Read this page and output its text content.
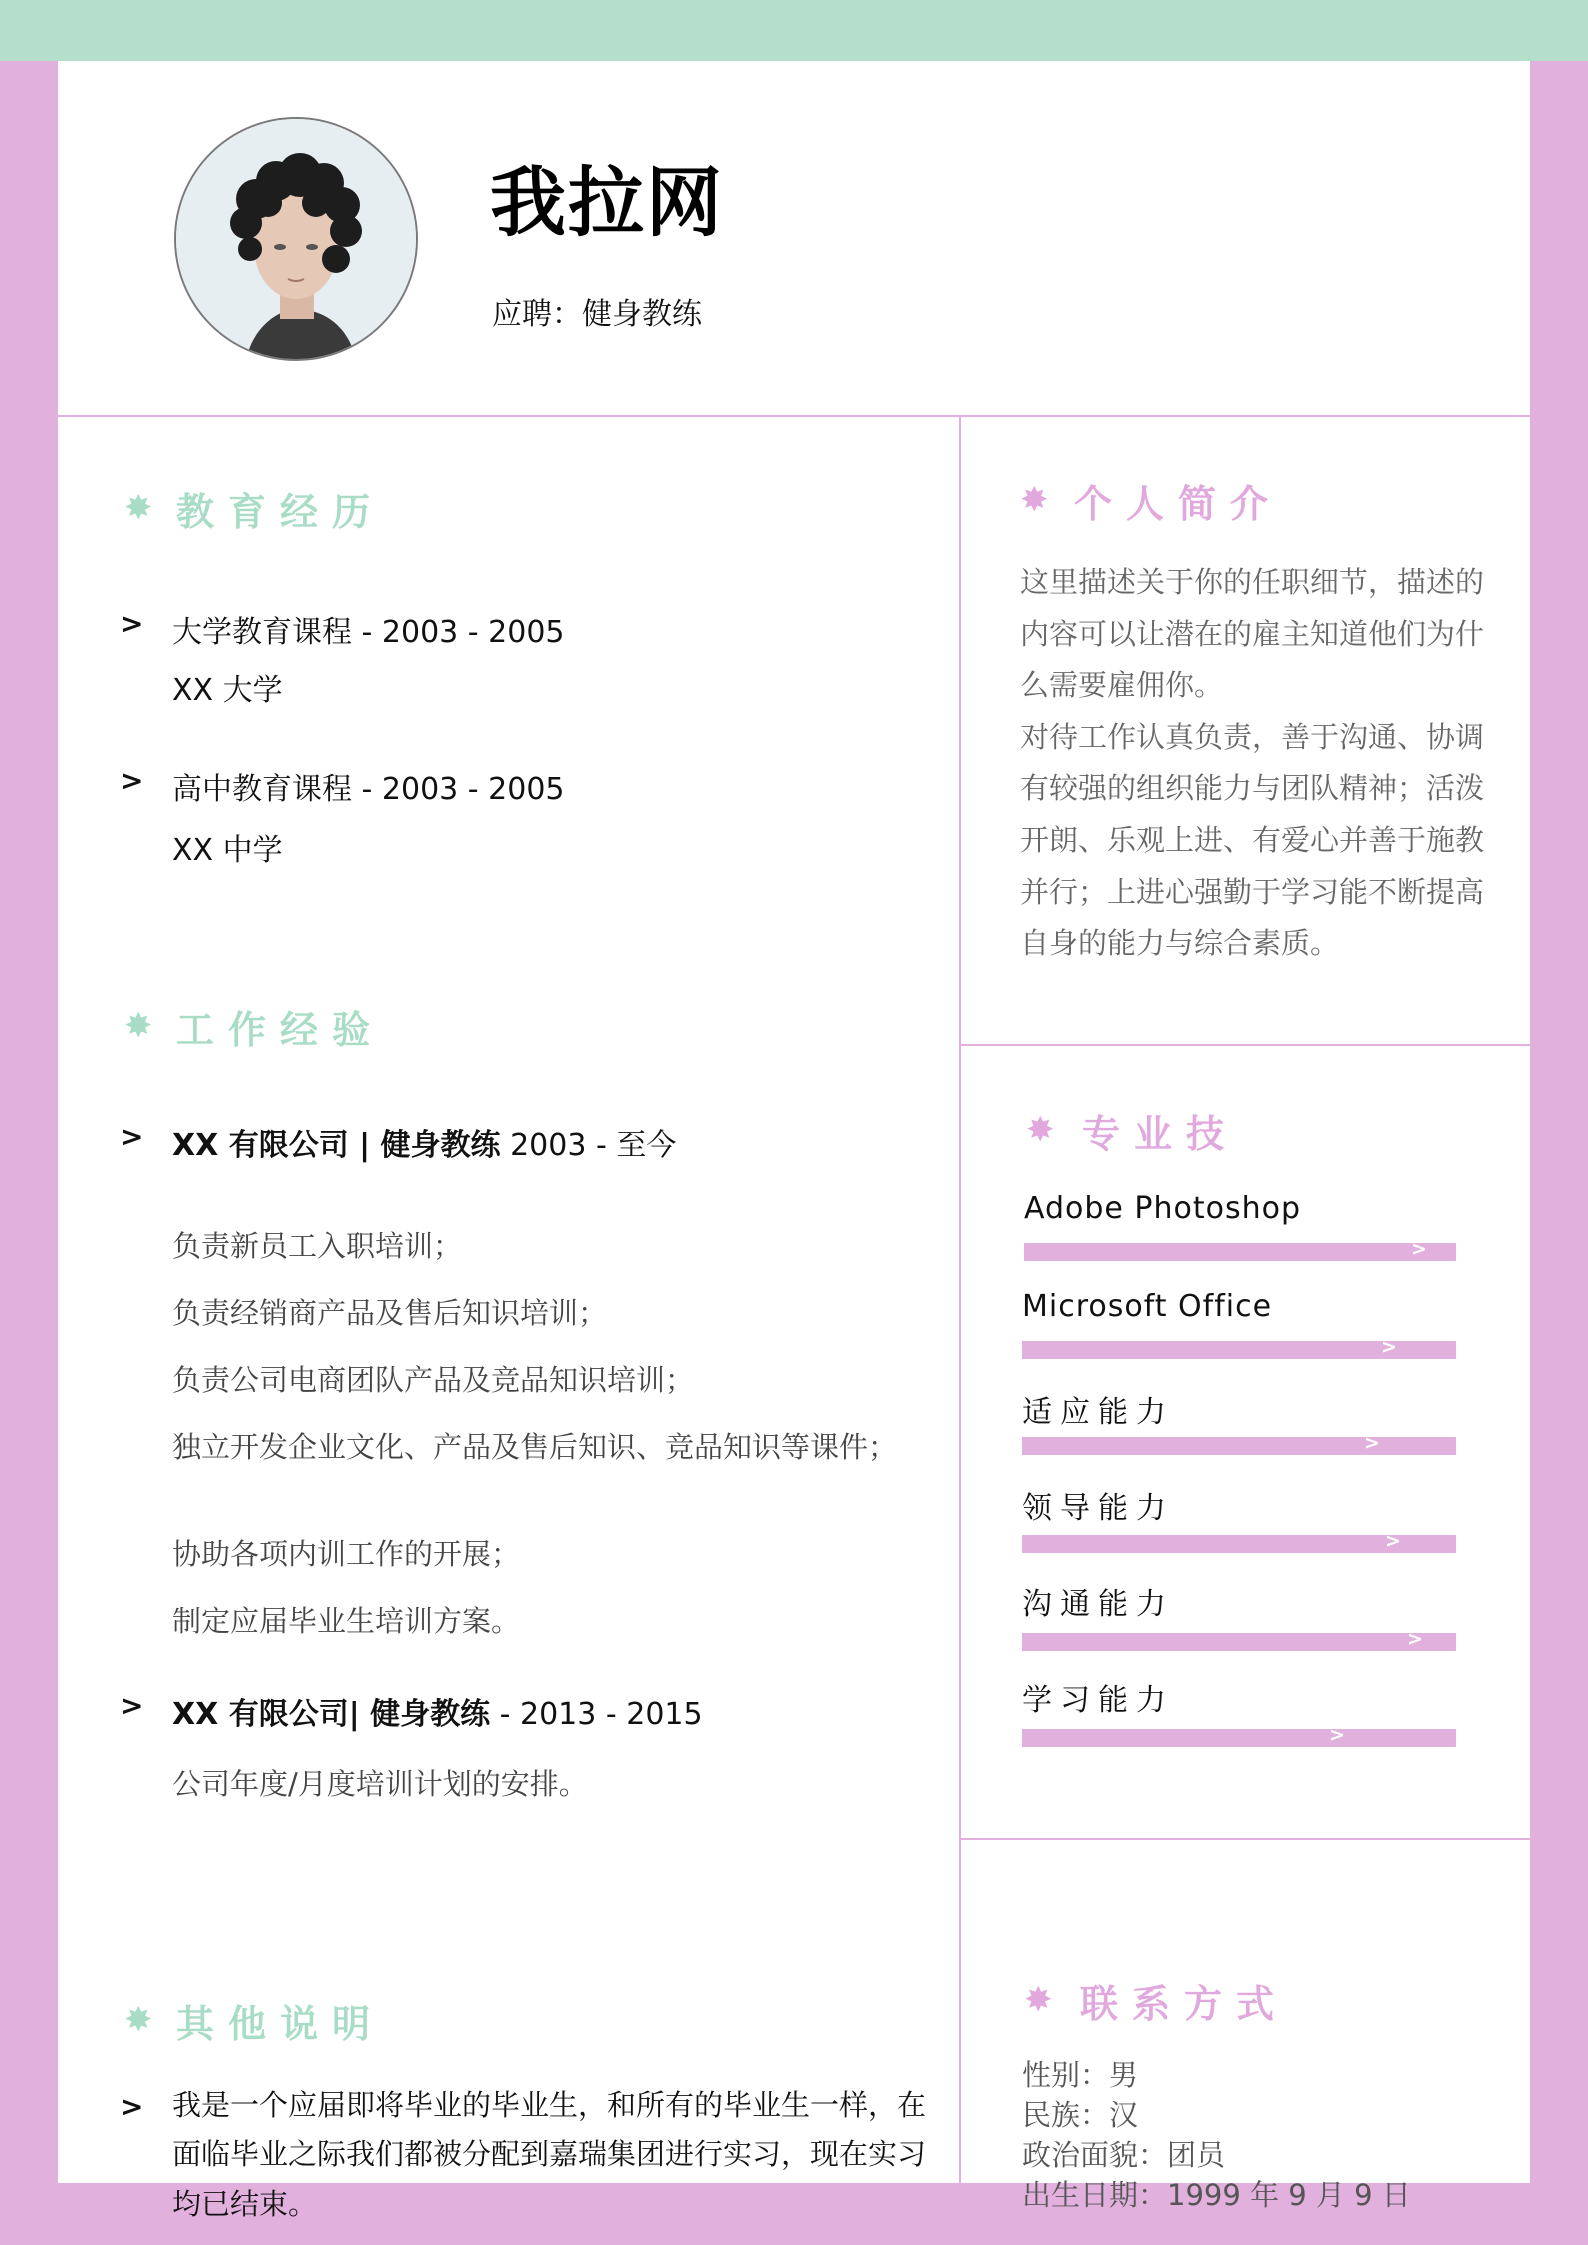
我拉网
应聘：健身教练
✸ 教育经历
> 大学教育课程 - 2003 - 2005
XX 大学
> 高中教育课程 - 2003 - 2005
XX 中学
✸ 工作经验
> XX 有限公司 | 健身教练 2003 - 至今
负责新员工入职培训；
负责经销商产品及售后知识培训；
负责公司电商团队产品及竞品知识培训；
独立开发企业文化、产品及售后知识、竞品知识等课件；
协助各项内训工作的开展；
制定应届毕业生培训方案。
> XX 有限公司| 健身教练 - 2013 - 2015
公司年度/月度培训计划的安排。
✸ 其他说明
> 我是一个应届即将毕业的毕业生，和所有的毕业生一样，在面临毕业之际我们都被分配到嘉瑞集团进行实习，现在实习均已结束。
✸ 个人简介
这里描述关于你的任职细节，描述的内容可以让潜在的雇主知道他们为什么需要雇佣你。
对待工作认真负责，善于沟通、协调有较强的组织能力与团队精神；活泼开朗、乐观上进、有爱心并善于施教并行；上进心强勤于学习能不断提高自身的能力与综合素质。
✸ 专业技
Adobe Photoshop
>
Microsoft Office
>
适应能力
>
领导能力
>
沟通能力
>
学习能力
>
✸ 联系方式
性别：男
民族：汉
政治面貌：团员
出生日期：1999 年 9 月 9 日
